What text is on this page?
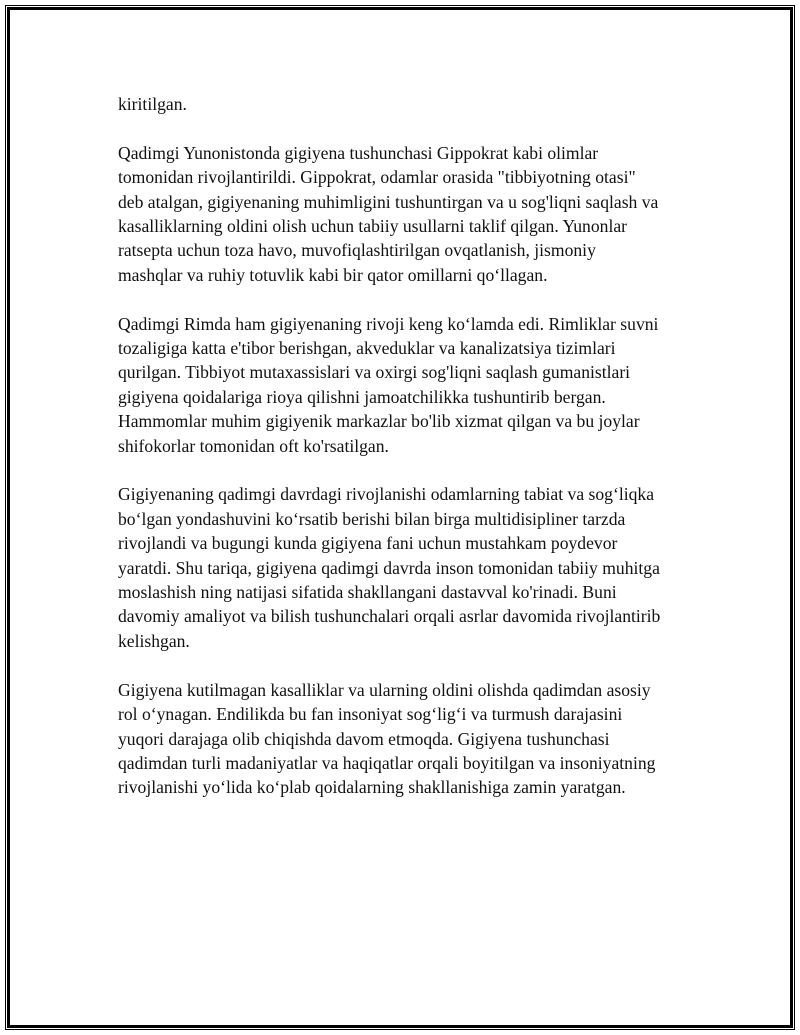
kiritilgan.

Qadimgi Yunonistonda gigiyena tushunchasi Gippokrat kabi olimlar
tomonidan rivojlantirildi. Gippokrat, odamlar orasida "tibbiyotning otasi"
deb atalgan, gigiyenaning muhimligini tushuntirgan va u sog'liqni saqlash va
kasalliklarning oldini olish uchun tabiiy usullarni taklif qilgan. Yunonlar
ratsepta uchun toza havo, muvofiqlashtirilgan ovqatlanish, jismoniy
mashqlar va ruhiy totuvlik kabi bir qator omillarni qo‘llagan.

Qadimgi Rimda ham gigiyenaning rivoji keng ko‘lamda edi. Rimliklar suvni
tozaligiga katta e'tibor berishgan, akveduklar va kanalizatsiya tizimlari
qurilgan. Tibbiyot mutaxassislari va oxirgi sog'liqni saqlash gumanistlari
gigiyena qoidalariga rioya qilishni jamoatchilikka tushuntirib bergan.
Hammomlar muhim gigiyenik markazlar bo'lib xizmat qilgan va bu joylar
shifokorlar tomonidan oft ko'rsatilgan.

Gigiyenaning qadimgi davrdagi rivojlanishi odamlarning tabiat va sog‘liqka
bo‘lgan yondashuvini ko‘rsatib berishi bilan birga multidisipliner tarzda
rivojlandi va bugungi kunda gigiyena fani uchun mustahkam poydevor
yaratdi. Shu tariqa, gigiyena qadimgi davrda inson tomonidan tabiiy muhitga
moslashish ning natijasi sifatida shakllangani dastavval ko'rinadi. Buni
davomiy amaliyot va bilish tushunchalari orqali asrlar davomida rivojlantirib
kelishgan.

Gigiyena kutilmagan kasalliklar va ularning oldini olishda qadimdan asosiy
rol o‘ynagan. Endilikda bu fan insoniyat sog‘lig‘i va turmush darajasini
yuqori darajaga olib chiqishda davom etmoqda. Gigiyena tushunchasi
qadimdan turli madaniyatlar va haqiqatlar orqali boyitilgan va insoniyatning
rivojlanishi yo‘lida ko‘plab qoidalarning shakllanishiga zamin yaratgan.
